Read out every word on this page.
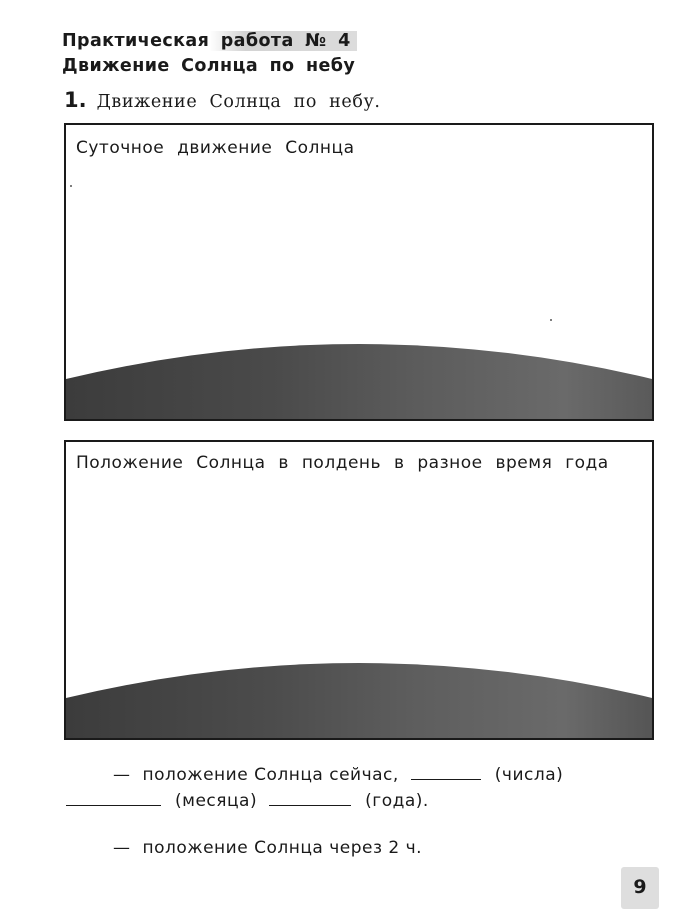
Практическая работа № 4
Движение Солнца по небу
1. Движение Солнца по небу.
Суточное движение Солнца
Положение Солнца в полдень в разное время года
— положение Солнца сейчас,	(числа)
(месяца)	(года).
— положение Солнца через 2 ч.
9
